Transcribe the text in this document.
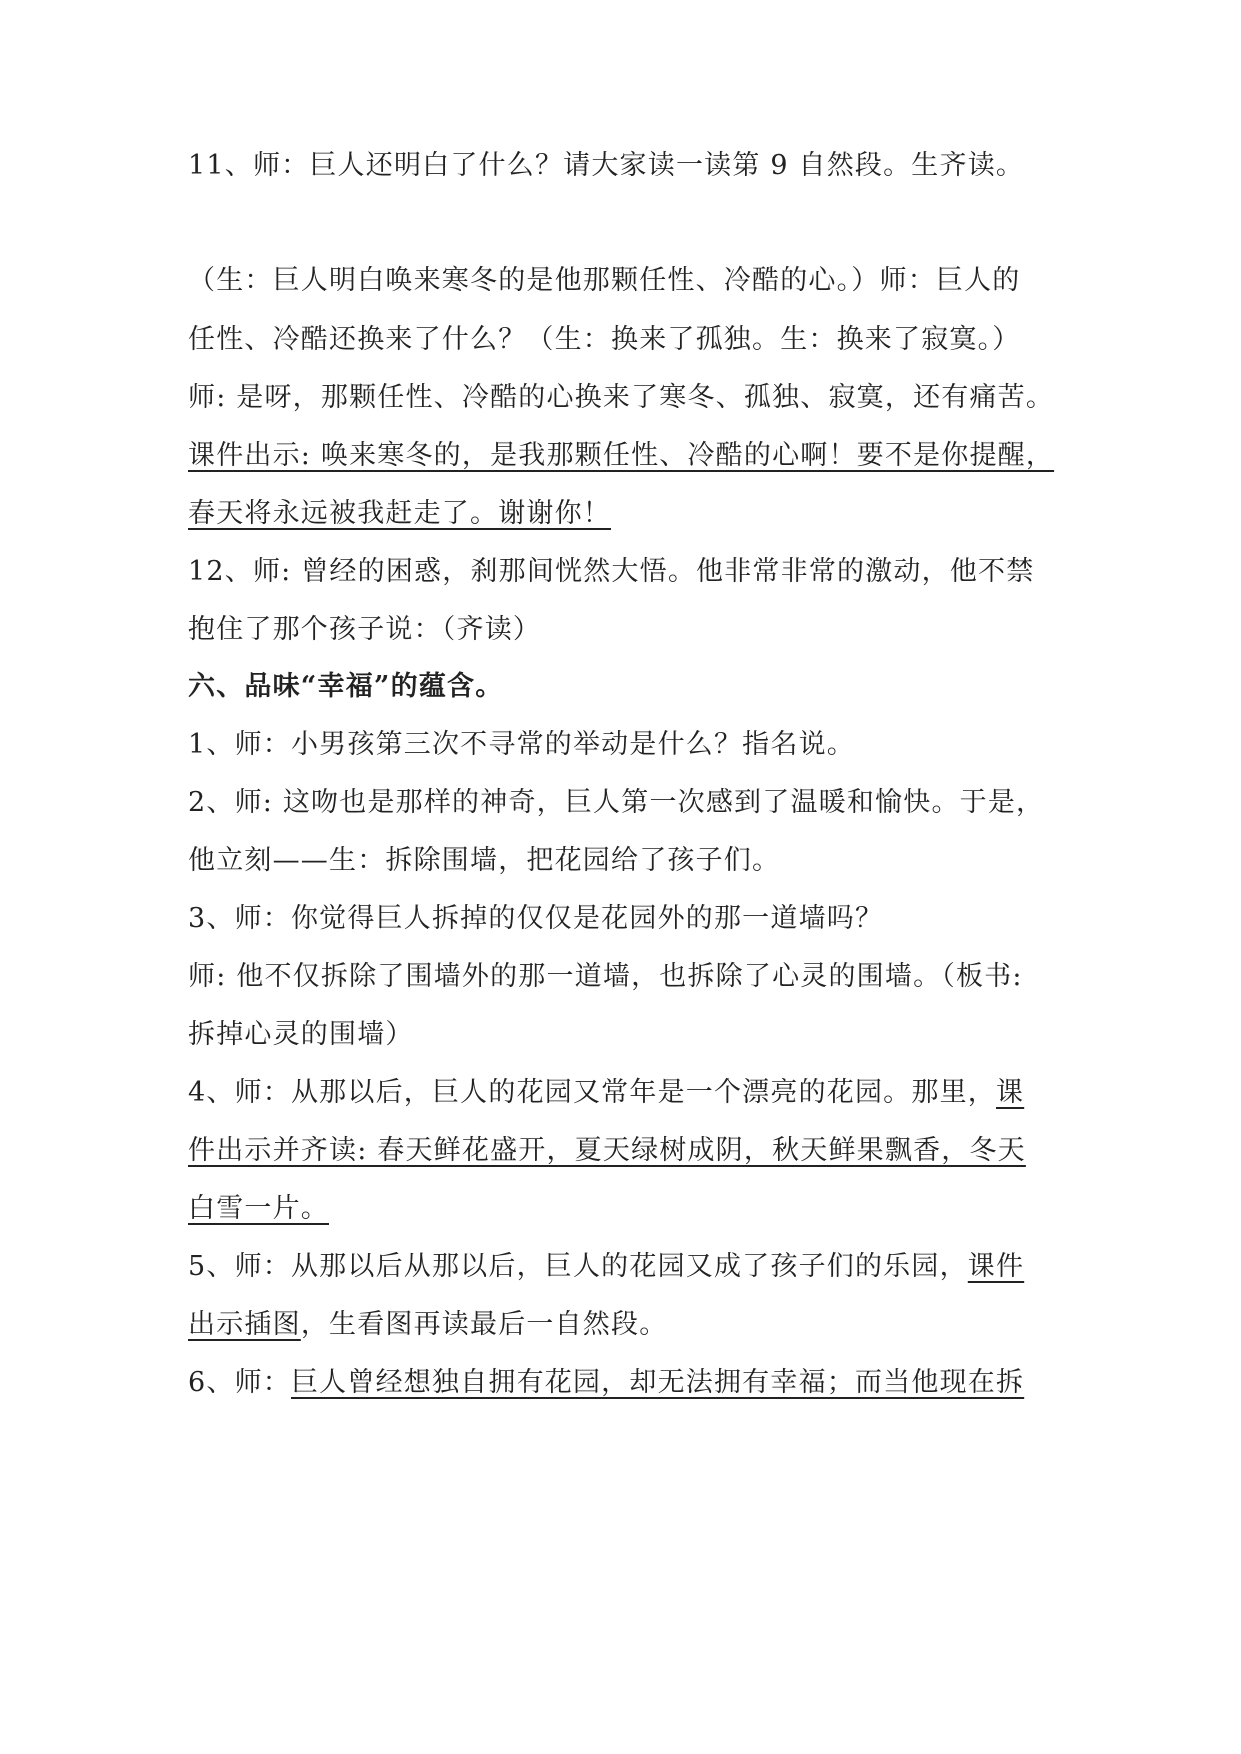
11、师：巨人还明白了什么？请大家读一读第 9 自然段。生齐读。
（生：巨人明白唤来寒冬的是他那颗任性、冷酷的心。）师：巨人的
任性、冷酷还换来了什么？（生：换来了孤独。生：换来了寂寞。）
师: 是呀，那颗任性、冷酷的心换来了寒冬、孤独、寂寞，还有痛苦。
课件出示: 唤来寒冬的，是我那颗任性、冷酷的心啊！要不是你提醒，
春天将永远被我赶走了。谢谢你！
12、师: 曾经的困惑，刹那间恍然大悟。他非常非常的激动，他不禁
抱住了那个孩子说：（齐读）
六、品味“幸福”的蕴含。
1、师：小男孩第三次不寻常的举动是什么？指名说。
2、师: 这吻也是那样的神奇，巨人第一次感到了温暖和愉快。于是，
他立刻——生：拆除围墙，把花园给了孩子们。
3、师：你觉得巨人拆掉的仅仅是花园外的那一道墙吗？
师: 他不仅拆除了围墙外的那一道墙，也拆除了心灵的围墙。（板书:
拆掉心灵的围墙）
4、师：从那以后，巨人的花园又常年是一个漂亮的花园。那里，课
件出示并齐读: 春天鲜花盛开，夏天绿树成阴，秋天鲜果飘香，冬天
白雪一片。
5、师：从那以后从那以后，巨人的花园又成了孩子们的乐园，课件
出示插图，生看图再读最后一自然段。
6、师：巨人曾经想独自拥有花园，却无法拥有幸福；而当他现在拆
